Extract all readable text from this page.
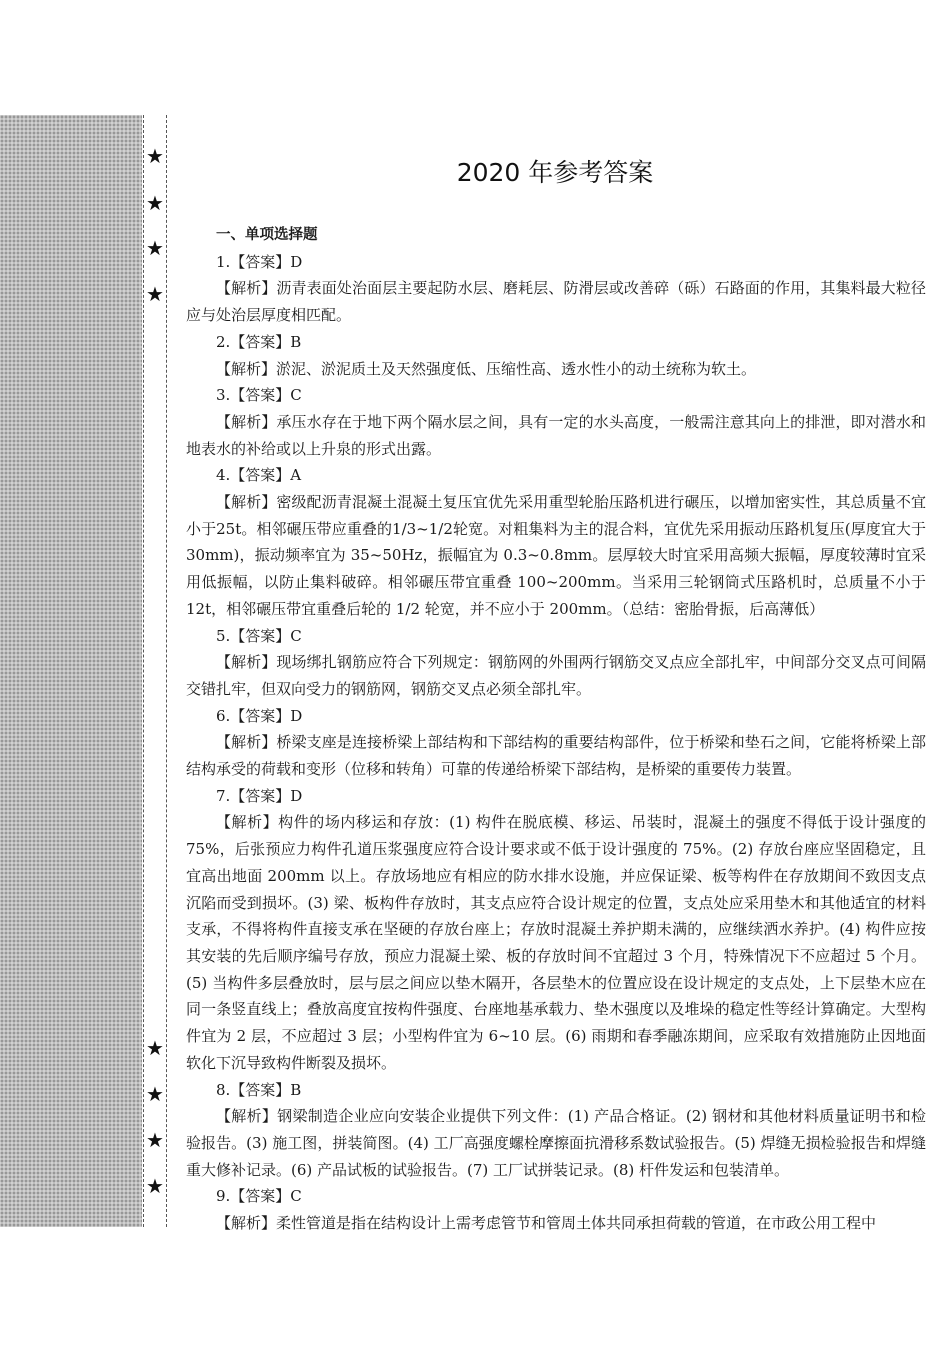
★
★
★
★
★
★
★
★
2020 年参考答案

一、单项选择题

1.【答案】D

【解析】沥青表面处治面层主要起防水层、磨耗层、防滑层或改善碎（砾）石路面的作用，其集料最大粒径应与处治层厚度相匹配。

2.【答案】B

【解析】淤泥、淤泥质土及天然强度低、压缩性高、透水性小的动土统称为软土。

3.【答案】C

【解析】承压水存在于地下两个隔水层之间，具有一定的水头高度，一般需注意其向上的排泄，即对潜水和地表水的补给或以上升泉的形式出露。

4.【答案】A

【解析】密级配沥青混凝土混凝土复压宜优先采用重型轮胎压路机进行碾压，以增加密实性，其总质量不宜小于25t。相邻碾压带应重叠的1/3~1/2轮宽。对粗集料为主的混合料，宜优先采用振动压路机复压(厚度宜大于 30mm)，振动频率宜为 35~50Hz，振幅宜为 0.3~0.8mm。层厚较大时宜采用高频大振幅，厚度较薄时宜采用低振幅，以防止集料破碎。相邻碾压带宜重叠 100~200mm。当采用三轮钢筒式压路机时，总质量不小于 12t，相邻碾压带宜重叠后轮的 1/2 轮宽，并不应小于 200mm。（总结：密胎骨振，后高薄低）

5.【答案】C

【解析】现场绑扎钢筋应符合下列规定：钢筋网的外围两行钢筋交叉点应全部扎牢，中间部分交叉点可间隔交错扎牢，但双向受力的钢筋网，钢筋交叉点必须全部扎牢。

6.【答案】D

【解析】桥梁支座是连接桥梁上部结构和下部结构的重要结构部件，位于桥梁和垫石之间，它能将桥梁上部结构承受的荷载和变形（位移和转角）可靠的传递给桥梁下部结构，是桥梁的重要传力装置。

7.【答案】D

【解析】构件的场内移运和存放：(1) 构件在脱底模、移运、吊装时，混凝土的强度不得低于设计强度的 75%，后张预应力构件孔道压浆强度应符合设计要求或不低于设计强度的 75%。(2) 存放台座应坚固稳定，且宜高出地面 200mm 以上。存放场地应有相应的防水排水设施，并应保证梁、板等构件在存放期间不致因支点沉陷而受到损坏。(3) 梁、板构件存放时，其支点应符合设计规定的位置，支点处应采用垫木和其他适宜的材料支承，不得将构件直接支承在坚硬的存放台座上；存放时混凝土养护期未满的，应继续洒水养护。(4) 构件应按其安装的先后顺序编号存放，预应力混凝土梁、板的存放时间不宜超过 3 个月，特殊情况下不应超过 5 个月。(5) 当构件多层叠放时，层与层之间应以垫木隔开，各层垫木的位置应设在设计规定的支点处，上下层垫木应在同一条竖直线上；叠放高度宜按构件强度、台座地基承载力、垫木强度以及堆垛的稳定性等经计算确定。大型构件宜为 2 层，不应超过 3 层；小型构件宜为 6~10 层。(6) 雨期和春季融冻期间，应采取有效措施防止因地面软化下沉导致构件断裂及损坏。

8.【答案】B

【解析】钢梁制造企业应向安装企业提供下列文件：(1) 产品合格证。(2) 钢材和其他材料质量证明书和检验报告。(3) 施工图，拼装简图。(4) 工厂高强度螺栓摩擦面抗滑移系数试验报告。(5) 焊缝无损检验报告和焊缝重大修补记录。(6) 产品试板的试验报告。(7) 工厂试拼装记录。(8) 杆件发运和包装清单。

9.【答案】C

【解析】柔性管道是指在结构设计上需考虑管节和管周土体共同承担荷载的管道，在市政公用工程中
